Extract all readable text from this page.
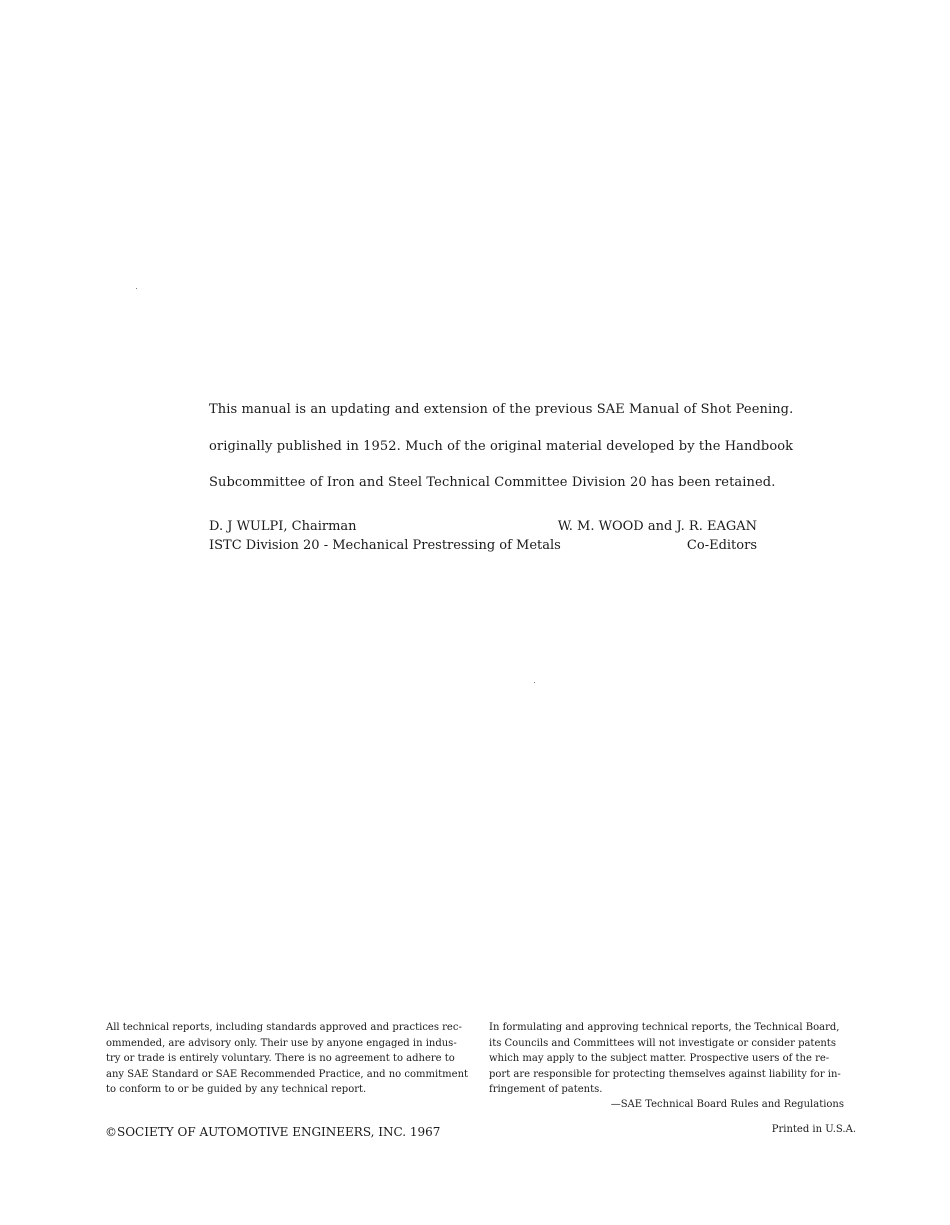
This manual is an updating and extension of the previous SAE Manual of Shot Peening.

originally published in 1952. Much of the original material developed by the Handbook

Subcommittee of Iron and Steel Technical Committee Division 20 has been retained.

D. J WULPI, Chairman
ISTC Division 20 - Mechanical Prestressing of Metals
W. M. WOOD and J. R. EAGAN
Co-Editors

All technical reports, including standards approved and practices rec-

ommended, are advisory only. Their use by anyone engaged in indus-

try or trade is entirely voluntary. There is no agreement to adhere to

any SAE Standard or SAE Recommended Practice, and no commitment

to conform to or be guided by any technical report.

In formulating and approving technical reports, the Technical Board,

its Councils and Committees will not investigate or consider patents

which may apply to the subject matter. Prospective users of the re-

port are responsible for protecting themselves against liability for in-

fringement of patents.

—SAE Technical Board Rules and Regulations
©SOCIETY OF AUTOMOTIVE ENGINEERS, INC. 1967	Printed in U.S.A.
